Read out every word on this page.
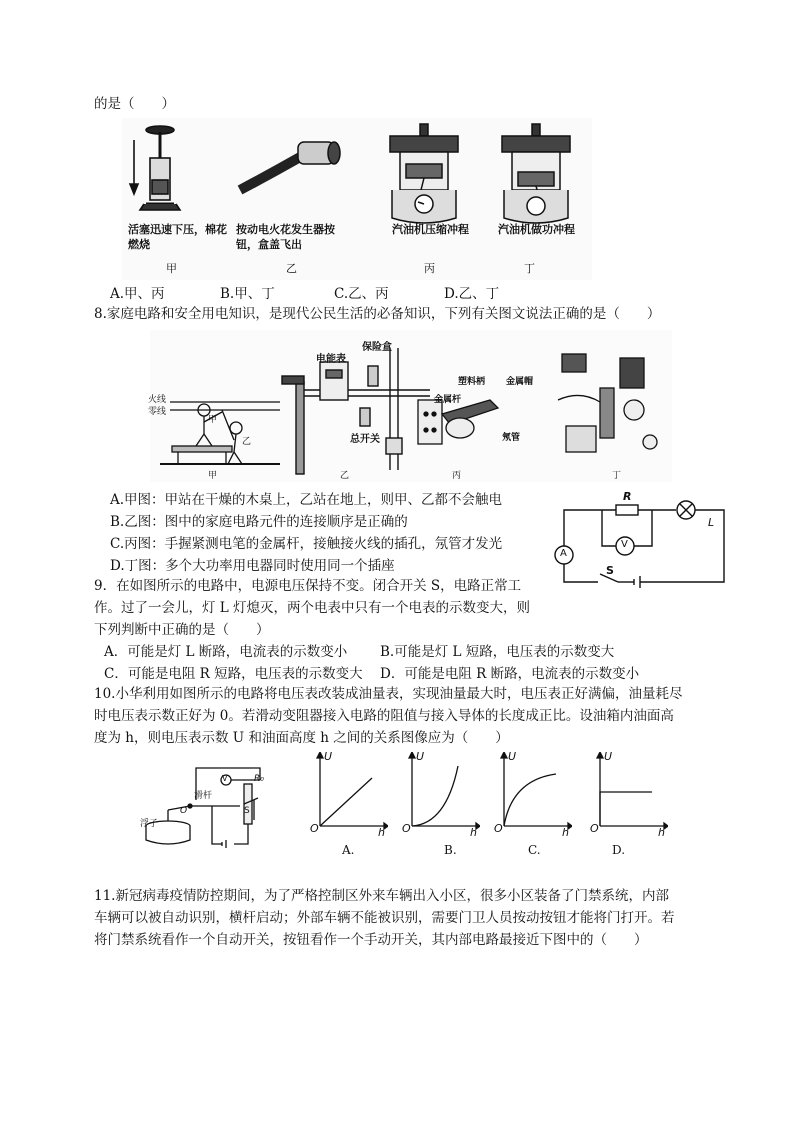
的是（　　）
活塞迅速下压，棉花燃烧
按动电火花发生器按钮，盒盖飞出
汽油机压缩冲程	汽油机做功冲程
甲	乙	丙	丁
A.甲、丙	B.甲、丁	C.乙、丙	D.乙、丁
8.家庭电路和安全用电知识，是现代公民生活的必备知识，下列有关图文说法正确的是（　　）
火线
零线
甲
乙
电能表
保险盒
总开关
塑料柄 金属帽
金属杆
氖管
甲	乙	丙	丁
A.甲图：甲站在干燥的木桌上，乙站在地上，则甲、乙都不会触电
B.乙图：图中的家庭电路元件的连接顺序是正确的
C.丙图：手握紧测电笔的金属杆，接触接火线的插孔，氖管才发光
D.丁图：多个大功率用电器同时使用同一个插座
R
L
A
V
S
9．在如图所示的电路中，电源电压保持不变。闭合开关 S，电路正常工
作。过了一会儿，灯 L 灯熄灭，两个电表中只有一个电表的示数变大，则
下列判断中正确的是（　　）
A．可能是灯 L 断路，电流表的示数变小 B.可能是灯 L 短路，电压表的示数变大
C．可能是电阻 R 短路，电压表的示数变大 D．可能是电阻 R 断路，电流表的示数变小
10.小华利用如图所示的电路将电压表改装成油量表，实现油量最大时，电压表正好满偏，油量耗尽
时电压表示数正好为 0。若滑动变阻器接入电路的阻值与接入导体的长度成正比。设油箱内油面高
度为 h，则电压表示数 U 和油面高度 h 之间的关系图像应为（　　）
V	R₀
滑杆
O	S
浮子
U
h
O
U
h
O
U
h
O
U
h
O
A.	B.	C.	D.
11.新冠病毒疫情防控期间，为了严格控制区外来车辆出入小区，很多小区装备了门禁系统，内部
车辆可以被自动识别，横杆启动；外部车辆不能被识别，需要门卫人员按动按钮才能将门打开。若
将门禁系统看作一个自动开关，按钮看作一个手动开关，其内部电路最接近下图中的（　　）
